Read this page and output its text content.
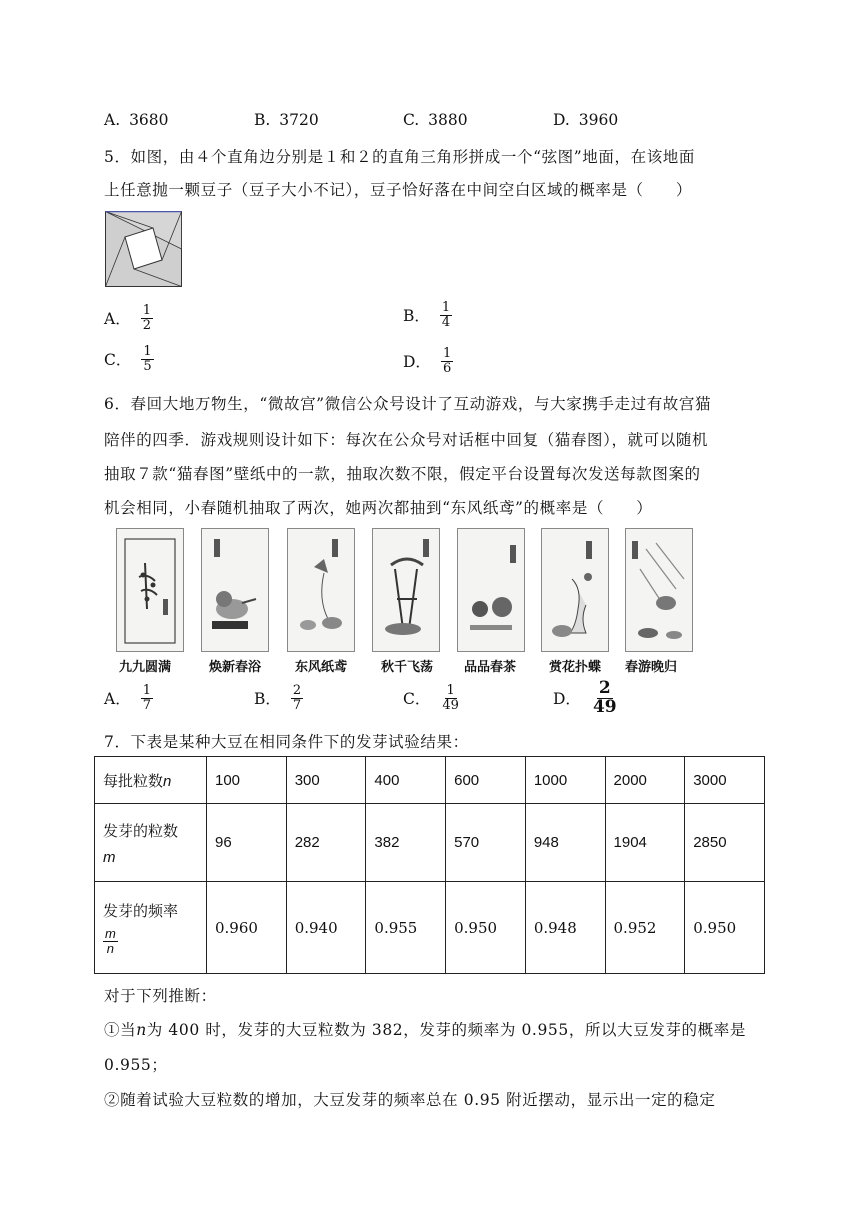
A. 3680	B. 3720	C. 3880	D. 3960
5．如图，由４个直角边分别是１和２的直角三角形拼成一个“弦图”地面，在该地面
上任意抛一颗豆子（豆子大小不记），豆子恰好落在中间空白区域的概率是（　　）
A． $\frac{1}{2}$	B． $\frac{1}{4}$
C． $\frac{1}{5}$	D． $\frac{1}{6}$
6．春回大地万物生，“微故宫”微信公众号设计了互动游戏，与大家携手走过有故宫猫
陪伴的四季．游戏规则设计如下：每次在公众号对话框中回复（猫春图），就可以随机
抽取７款“猫春图”壁纸中的一款，抽取次数不限，假定平台设置每次发送每款图案的
机会相同，小春随机抽取了两次，她两次都抽到“东风纸鸢”的概率是（　　）
九九圆满	焕新春浴	东风纸鸢	秋千飞荡 品品春茶	赏花扑蝶 春游晚归
A． $\frac{1}{7}$	B． $\frac{2}{7}$	C． $\frac{1}{49}$	D． $\frac{2}{49}$
7．下表是某种大豆在相同条件下的发芽试验结果：
每批粒数n	100	300	400	600	1000	2000	3000

发芽的粒数
m	96	282	382	570	948	1904	2850

发芽的频率
$\frac{m}{n}$	0.960	0.940	0.955	0.950	0.948	0.952	0.950
对于下列推断：
①当n为 400 时，发芽的大豆粒数为 382，发芽的频率为 0.955，所以大豆发芽的概率是
0.955；
②随着试验大豆粒数的增加，大豆发芽的频率总在 0.95 附近摆动，显示出一定的稳定
